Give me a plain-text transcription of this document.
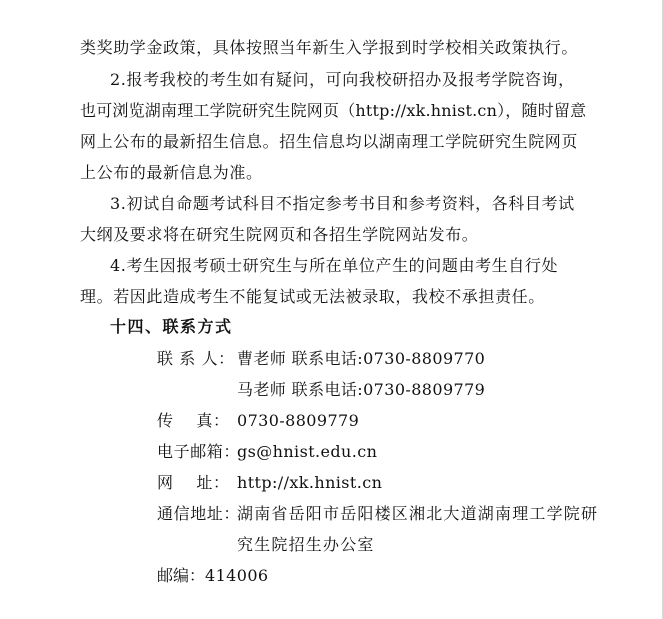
类奖助学金政策，具体按照当年新生入学报到时学校相关政策执行。
2.报考我校的考生如有疑问，可向我校研招办及报考学院咨询，
也可浏览湖南理工学院研究生院网页（http://xk.hnist.cn），随时留意
网上公布的最新招生信息。招生信息均以湖南理工学院研究生院网页
上公布的最新信息为准。
3.初试自命题考试科目不指定参考书目和参考资料，各科目考试
大纲及要求将在研究生院网页和各招生学院网站发布。
4.考生因报考硕士研究生与所在单位产生的问题由考生自行处
理。若因此造成考生不能复试或无法被录取，我校不承担责任。
十四、联系方式
联 系 人： 曹老师 联系电话:0730-8809770
马老师 联系电话:0730-8809779
传    真： 0730-8809779
电子邮箱：gs@hnist.edu.cn
网    址： http://xk.hnist.cn
通信地址：湖南省岳阳市岳阳楼区湘北大道湖南理工学院研
究生院招生办公室
邮编：414006
